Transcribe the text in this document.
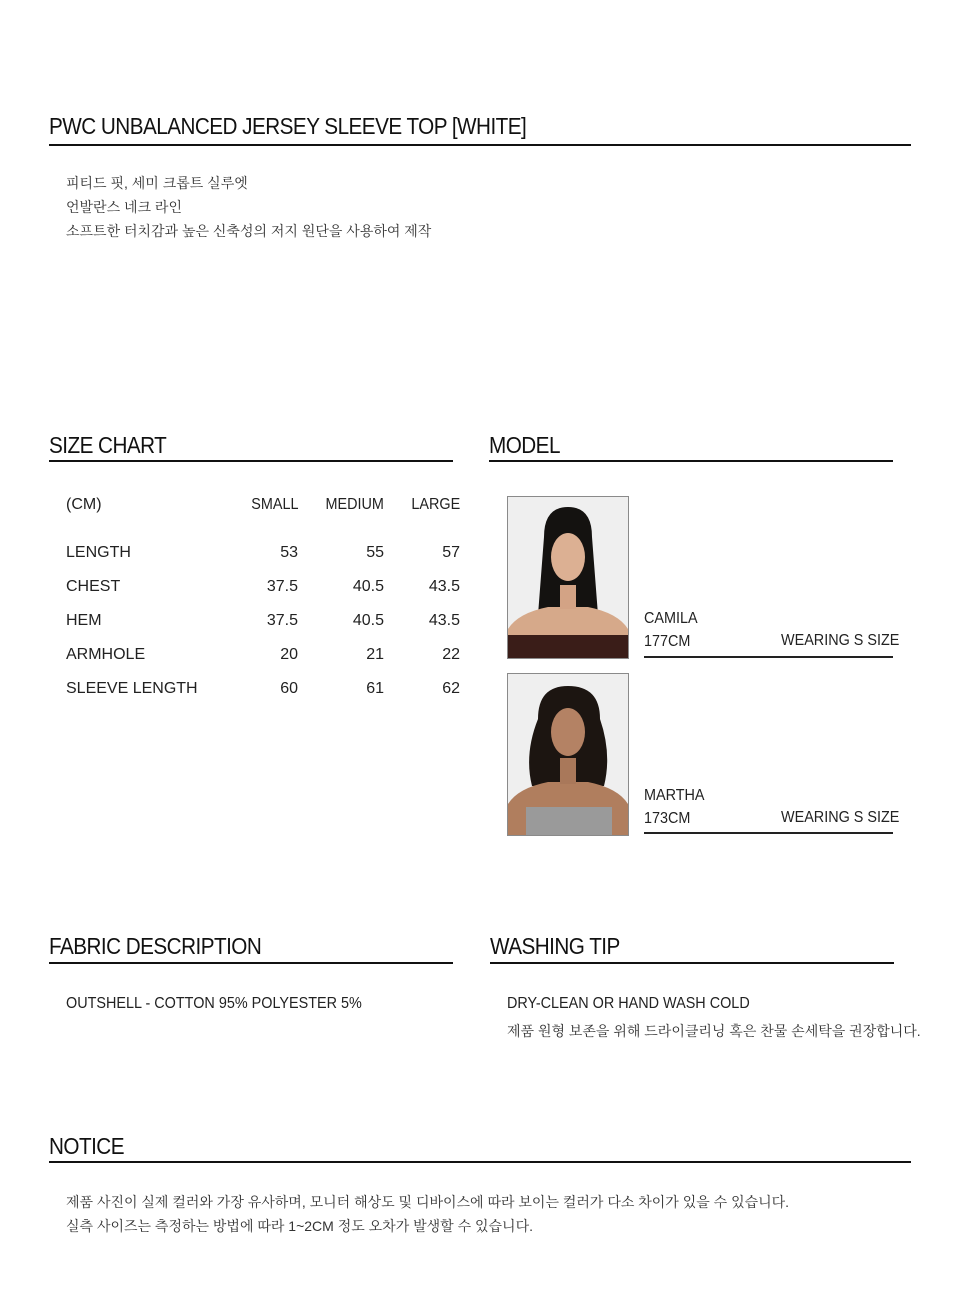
PWC UNBALANCED JERSEY SLEEVE TOP [WHITE]
피티드 핏, 세미 크롭트 실루엣
언발란스 네크 라인
소프트한 터치감과 높은 신축성의 저지 원단을 사용하여 제작
SIZE CHART
(CM)	SMALL	MEDIUM	LARGE

LENGTH	53	55	57
CHEST	37.5	40.5	43.5
HEM	37.5	40.5	43.5
ARMHOLE	20	21	22
SLEEVE LENGTH	60	61	62
MODEL
CAMILA
177CM	WEARING S SIZE
MARTHA
173CM	WEARING S SIZE
FABRIC DESCRIPTION
OUTSHELL - COTTON 95% POLYESTER 5%
WASHING TIP
DRY-CLEAN OR HAND WASH COLD
제품 원형 보존을 위해 드라이클리닝 혹은 찬물 손세탁을 권장합니다.
NOTICE
제품 사진이 실제 컬러와 가장 유사하며, 모니터 해상도 및 디바이스에 따라 보이는 컬러가 다소 차이가 있을 수 있습니다.
실측 사이즈는 측정하는 방법에 따라 1~2CM 정도 오차가 발생할 수 있습니다.
